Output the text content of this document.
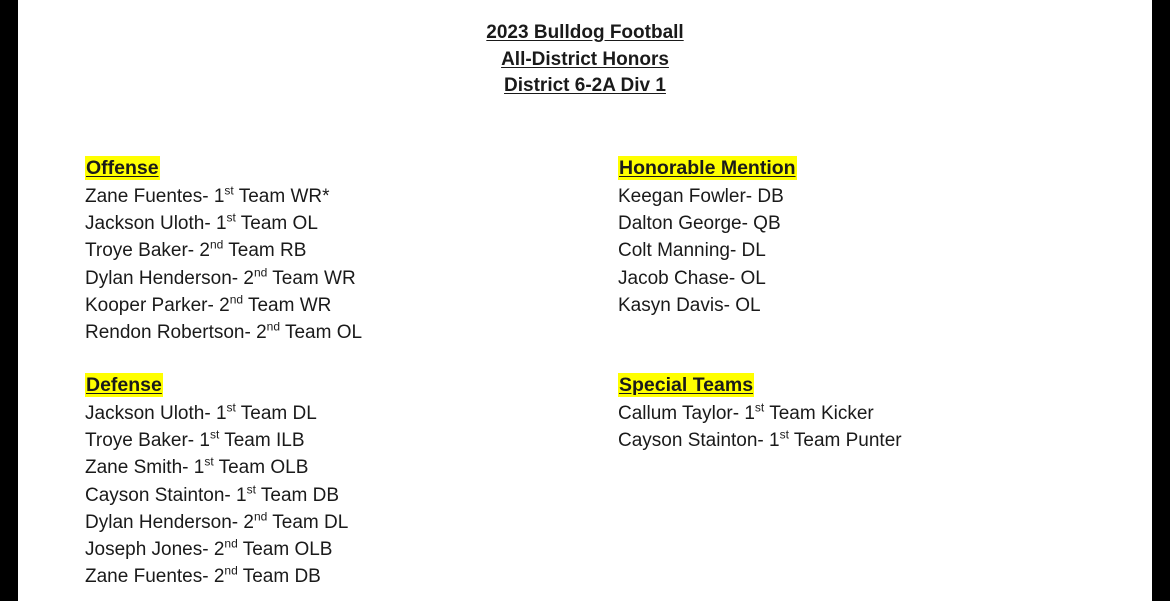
2023 Bulldog Football
All-District Honors
District 6-2A Div 1
Offense
Zane Fuentes- 1st Team WR*
Jackson Uloth- 1st Team OL
Troye Baker- 2nd Team RB
Dylan Henderson- 2nd Team WR
Kooper Parker- 2nd Team WR
Rendon Robertson- 2nd Team OL
Defense
Jackson Uloth- 1st Team DL
Troye Baker- 1st Team ILB
Zane Smith- 1st Team OLB
Cayson Stainton- 1st Team DB
Dylan Henderson- 2nd Team DL
Joseph Jones- 2nd Team OLB
Zane Fuentes- 2nd Team DB
Honorable Mention
Keegan Fowler- DB
Dalton George- QB
Colt Manning- DL
Jacob Chase- OL
Kasyn Davis- OL
Special Teams
Callum Taylor- 1st Team Kicker
Cayson Stainton- 1st Team Punter
